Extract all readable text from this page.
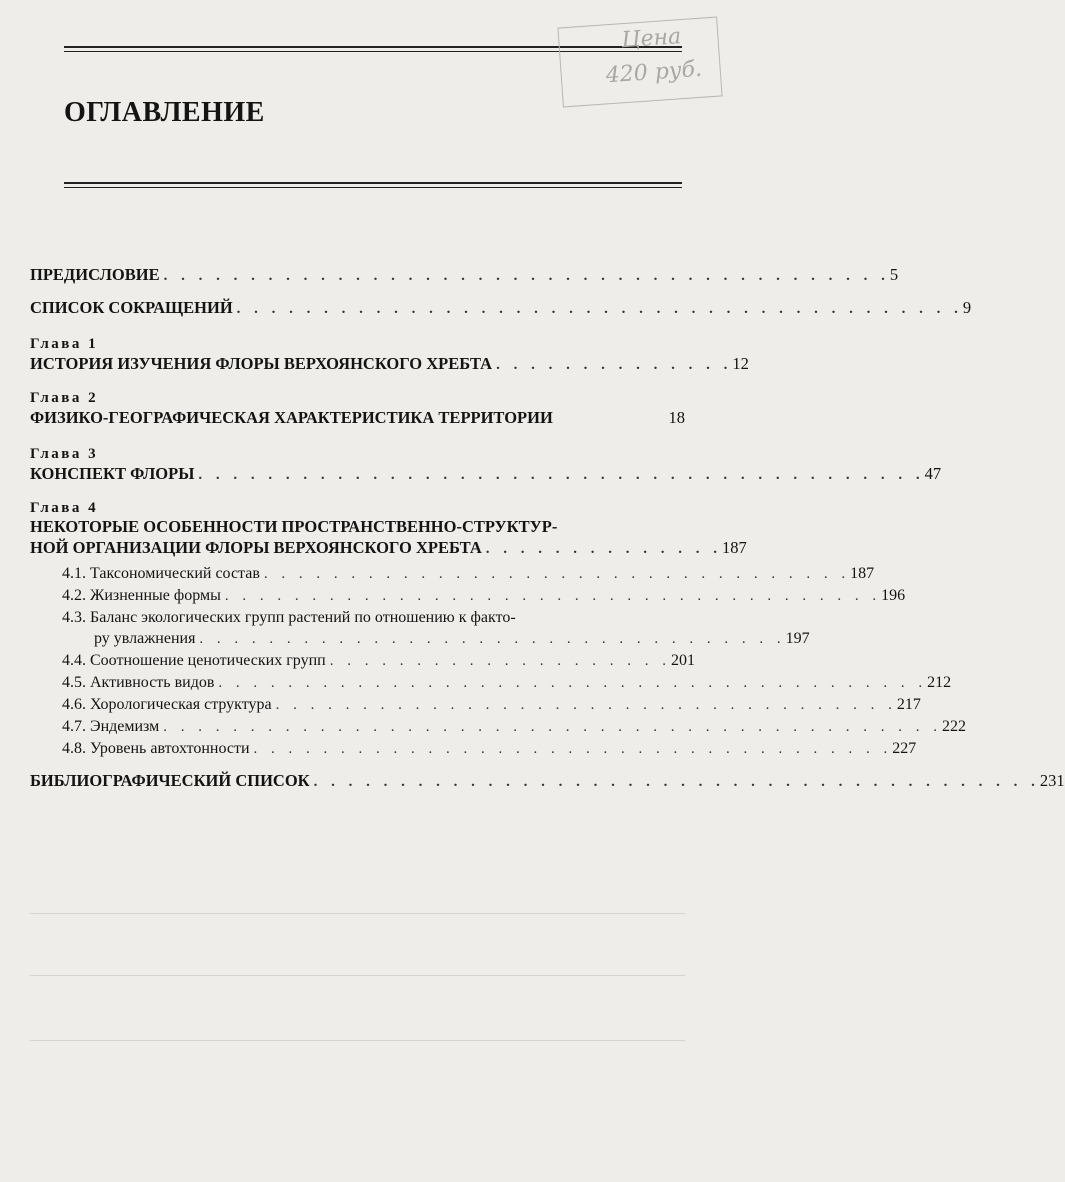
Цена
420 руб.
ОГЛАВЛЕНИЕ
ПРЕДИСЛОВИЕ . . . . . . . . . . . . . . . . . . . . . . . . . . . . . . . . . . . . . . . . . . 5
СПИСОК СОКРАЩЕНИЙ . . . . . . . . . . . . . . . . . . . . . . . . . . . . . . . . . . . . . . . . . . 9
Глава 1
ИСТОРИЯ ИЗУЧЕНИЯ ФЛОРЫ ВЕРХОЯНСКОГО ХРЕБТА . . . . . . . . . . . . . . 12
Глава 2
ФИЗИКО-ГЕОГРАФИЧЕСКАЯ ХАРАКТЕРИСТИКА ТЕРРИТОРИИ	18
Глава 3
КОНСПЕКТ ФЛОРЫ . . . . . . . . . . . . . . . . . . . . . . . . . . . . . . . . . . . . . . . . . . 47
Глава 4
НЕКОТОРЫЕ ОСОБЕННОСТИ ПРОСТРАНСТВЕННО-СТРУКТУР-
НОЙ ОРГАНИЗАЦИИ ФЛОРЫ ВЕРХОЯНСКОГО ХРЕБТА . . . . . . . . . . . . . . 187
4.1. Таксономический состав . . . . . . . . . . . . . . . . . . . . . . . . . . . . . . . . . . 187
4.2. Жизненные формы . . . . . . . . . . . . . . . . . . . . . . . . . . . . . . . . . . . . . . 196
4.3. Баланс экологических групп растений по отношению к факто-
ру увлажнения . . . . . . . . . . . . . . . . . . . . . . . . . . . . . . . . . . 197
4.4. Соотношение ценотических групп . . . . . . . . . . . . . . . . . . . . 201
4.5. Активность видов . . . . . . . . . . . . . . . . . . . . . . . . . . . . . . . . . . . . . . . . . 212
4.6. Хорологическая структура . . . . . . . . . . . . . . . . . . . . . . . . . . . . . . . . . . . . 217
4.7. Эндемизм . . . . . . . . . . . . . . . . . . . . . . . . . . . . . . . . . . . . . . . . . . . . . 222
4.8. Уровень автохтонности . . . . . . . . . . . . . . . . . . . . . . . . . . . . . . . . . . . . . 227
БИБЛИОГРАФИЧЕСКИЙ СПИСОК . . . . . . . . . . . . . . . . . . . . . . . . . . . . . . . . . . . . . . . . . . 231
